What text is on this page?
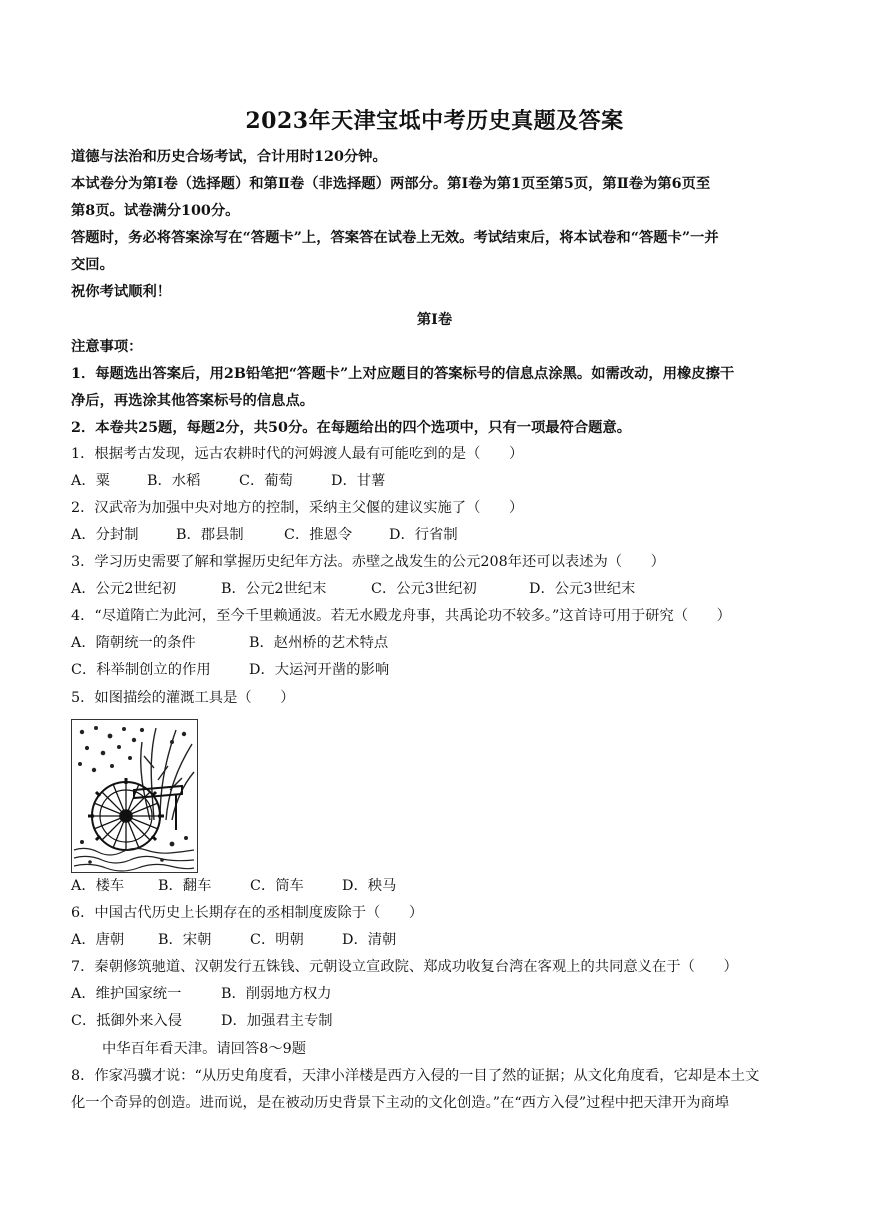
2023年天津宝坻中考历史真题及答案
道德与法治和历史合场考试，合计用时120分钟。
本试卷分为第Ⅰ卷（选择题）和第Ⅱ卷（非选择题）两部分。第Ⅰ卷为第1页至第5页，第Ⅱ卷为第6页至
第8页。试卷满分100分。
答题时，务必将答案涂写在“答题卡”上，答案答在试卷上无效。考试结束后，将本试卷和“答题卡”一并
交回。
祝你考试顺利！
第Ⅰ卷
注意事项：
1．每题选出答案后，用2B铅笔把“答题卡”上对应题目的答案标号的信息点涂黑。如需改动，用橡皮擦干
净后，再选涂其他答案标号的信息点。
2．本卷共25题，每题2分，共50分。在每题给出的四个选项中，只有一项最符合题意。
1．根据考古发现，远古农耕时代的河姆渡人最有可能吃到的是（　　）
A．粟	B．水稻	C．葡萄	D．甘薯
2．汉武帝为加强中央对地方的控制，采纳主父偃的建议实施了（　　）
A．分封制	B．郡县制	C．推恩令	D．行省制
3．学习历史需要了解和掌握历史纪年方法。赤壁之战发生的公元208年还可以表述为（　　）
A．公元2世纪初	B．公元2世纪末	C．公元3世纪初	D．公元3世纪末
4．“尽道隋亡为此河，至今千里赖通波。若无水殿龙舟事，共禹论功不较多。”这首诗可用于研究（　　）
A．隋朝统一的条件	B．赵州桥的艺术特点
C．科举制创立的作用	D．大运河开凿的影响
5．如图描绘的灌溉工具是（　　）
A．楼车 B．翻车	C．筒车	D．秧马
6．中国古代历史上长期存在的丞相制度废除于（　　）
A．唐朝 B．宋朝	C．明朝	D．清朝
7．秦朝修筑驰道、汉朝发行五铢钱、元朝设立宣政院、郑成功收复台湾在客观上的共同意义在于（　　）
A．维护国家统一	B．削弱地方权力
C．抵御外来入侵	D．加强君主专制
中华百年看天津。请回答8～9题
8．作家冯骥才说：“从历史角度看，天津小洋楼是西方入侵的一目了然的证据；从文化角度看，它却是本土文
化一个奇异的创造。进而说，是在被动历史背景下主动的文化创造。”在“西方入侵”过程中把天津开为商埠
